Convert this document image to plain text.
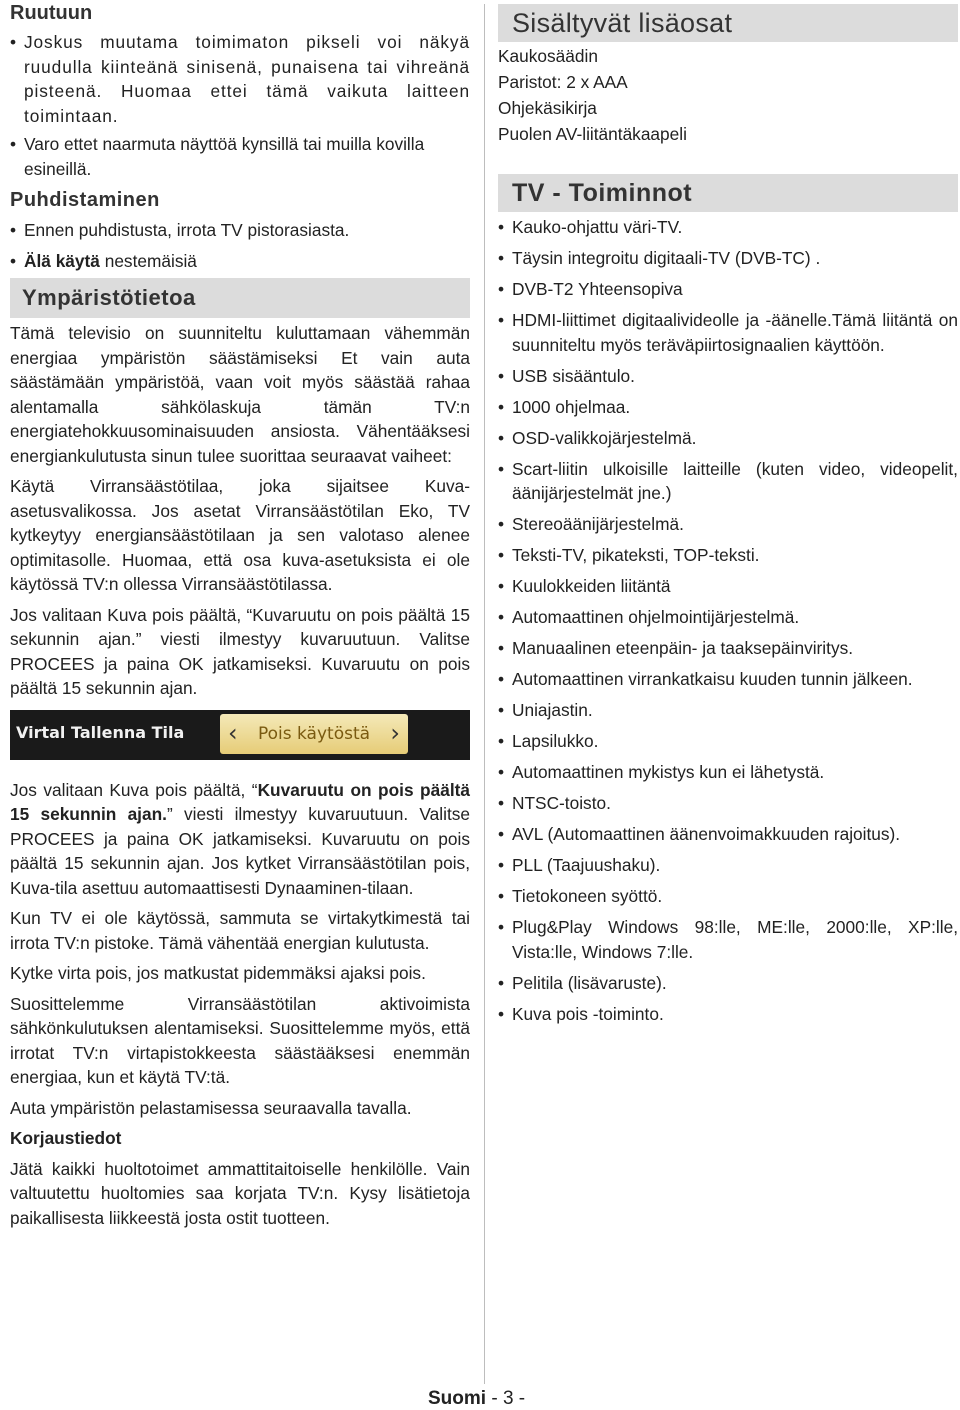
Ruutuun
• Joskus muutama toimimaton pikseli voi näkyä ruudulla kiinteänä sinisenä, punaisena tai vihreänä pisteenä. Huomaa ettei tämä vaikuta laitteen toimintaan.
• Varo ettet naarmuta näyttöä kynsillä tai muilla kovilla esineillä.
Puhdistaminen
• Ennen puhdistusta, irrota TV pistorasiasta.
• Älä käytä nestemäisiä
Ympäristötietoa

Tämä televisio on suunniteltu kuluttamaan vähemmän energiaa ympäristön säästämiseksi Et vain auta säästämään ympäristöä, vaan voit myös säästää rahaa alentamalla sähkölaskuja tämän TV:n energiatehokkuusominaisuuden ansiosta. Vähentääksesi energiankulutusta sinun tulee suorittaa seuraavat vaiheet:

Käytä Virransäästötilaa, joka sijaitsee Kuva-asetusvalikossa. Jos asetat Virransäästötilan Eko, TV kytkeytyy energiansäästötilaan ja sen valotaso alenee optimitasolle. Huomaa, että osa kuva-asetuksista ei ole käytössä TV:n ollessa Virransäästötilassa.

Jos valitaan Kuva pois päältä, “Kuvaruutu on pois päältä 15 sekunnin ajan.” viesti ilmestyy kuvaruutuun. Valitse PROCEES ja paina OK jatkamiseksi. Kuvaruutu on pois päältä 15 sekunnin ajan.

Virtal Tallenna Tila ‹ Pois käytöstä ›

Jos valitaan Kuva pois päältä, “Kuvaruutu on pois päältä 15 sekunnin ajan.” viesti ilmestyy kuvaruutuun. Valitse PROCEES ja paina OK jatkamiseksi. Kuvaruutu on pois päältä 15 sekunnin ajan. Jos kytket Virransäästötilan pois, Kuva-tila asettuu automaattisesti Dynaaminen-tilaan.

Kun TV ei ole käytössä, sammuta se virtakytkimestä tai irrota TV:n pistoke. Tämä vähentää energian kulutusta.

Kytke virta pois, jos matkustat pidemmäksi ajaksi pois.

Suosittelemme Virransäästötilan aktivoimista sähkönkulutuksen alentamiseksi. Suosittelemme myös, että irrotat TV:n virtapistokkeesta säästääksesi enemmän energiaa, kun et käytä TV:tä.

Auta ympäristön pelastamisessa seuraavalla tavalla.

Korjaustiedot

Jätä kaikki huoltotoimet ammattitaitoiselle henkilölle. Vain valtuutettu huoltomies saa korjata TV:n. Kysy lisätietoja paikallisesta liikkeestä josta ostit tuotteen.

Sisältyvät lisäosat
Kaukosäädin
Paristot: 2 x AAA
Ohjekäsikirja
Puolen AV-liitäntäkaapeli
TV - Toiminnot
• Kauko-ohjattu väri-TV.
• Täysin integroitu digitaali-TV (DVB-TC) .
• DVB-T2 Yhteensopiva
• HDMI-liittimet digitaalivideolle ja -äänelle.Tämä liitäntä on suunniteltu myös teräväpiirtosignaalien käyttöön.
• USB sisääntulo.
• 1000 ohjelmaa.
• OSD-valikkojärjestelmä.
• Scart-liitin ulkoisille laitteille (kuten video, videopelit, äänijärjestelmät jne.)
• Stereoäänijärjestelmä.
• Teksti-TV, pikateksti, TOP-teksti.
• Kuulokkeiden liitäntä
• Automaattinen ohjelmointijärjestelmä.
• Manuaalinen eteenpäin- ja taaksepäinviritys.
• Automaattinen virrankatkaisu kuuden tunnin jälkeen.
• Uniajastin.
• Lapsilukko.
• Automaattinen mykistys kun ei lähetystä.
• NTSC-toisto.
• AVL (Automaattinen äänenvoimakkuuden rajoitus).
• PLL (Taajuushaku).
• Tietokoneen syöttö.
• Plug&Play Windows 98:lle, ME:lle, 2000:lle, XP:lle, Vista:lle, Windows 7:lle.
• Pelitila (lisävaruste).
• Kuva pois -toiminto.
Suomi - 3 -
